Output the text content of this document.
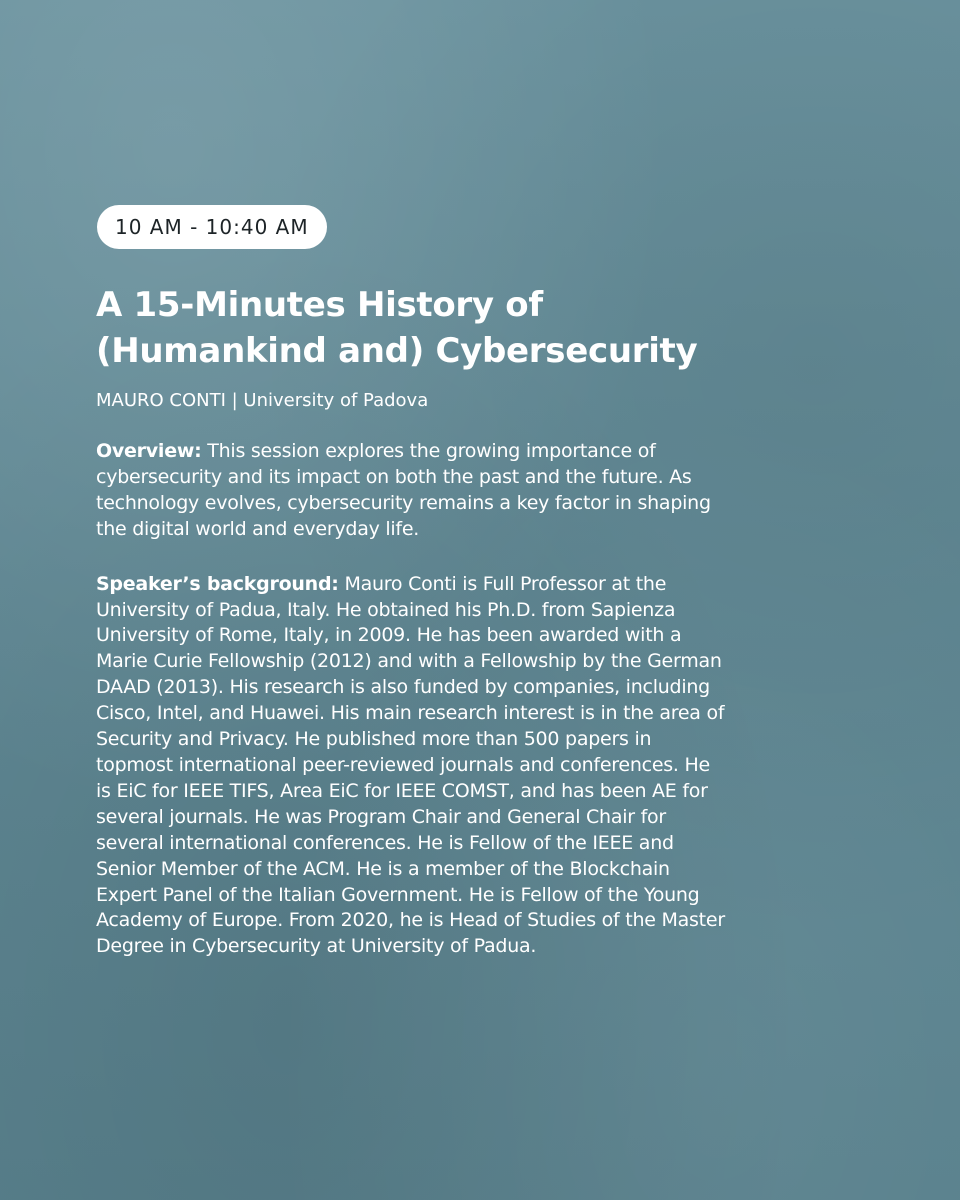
10 AM - 10:40 AM
A 15-Minutes History of
(Humankind and) Cybersecurity
MAURO CONTI | University of Padova

Overview: This session explores the growing importance of
cybersecurity and its impact on both the past and the future. As
technology evolves, cybersecurity remains a key factor in shaping
the digital world and everyday life.

Speaker’s background: Mauro Conti is Full Professor at the
University of Padua, Italy. He obtained his Ph.D. from Sapienza
University of Rome, Italy, in 2009. He has been awarded with a
Marie Curie Fellowship (2012) and with a Fellowship by the German
DAAD (2013). His research is also funded by companies, including
Cisco, Intel, and Huawei. His main research interest is in the area of
Security and Privacy. He published more than 500 papers in
topmost international peer-reviewed journals and conferences. He
is EiC for IEEE TIFS, Area EiC for IEEE COMST, and has been AE for
several journals. He was Program Chair and General Chair for
several international conferences. He is Fellow of the IEEE and
Senior Member of the ACM. He is a member of the Blockchain
Expert Panel of the Italian Government. He is Fellow of the Young
Academy of Europe. From 2020, he is Head of Studies of the Master
Degree in Cybersecurity at University of Padua.
